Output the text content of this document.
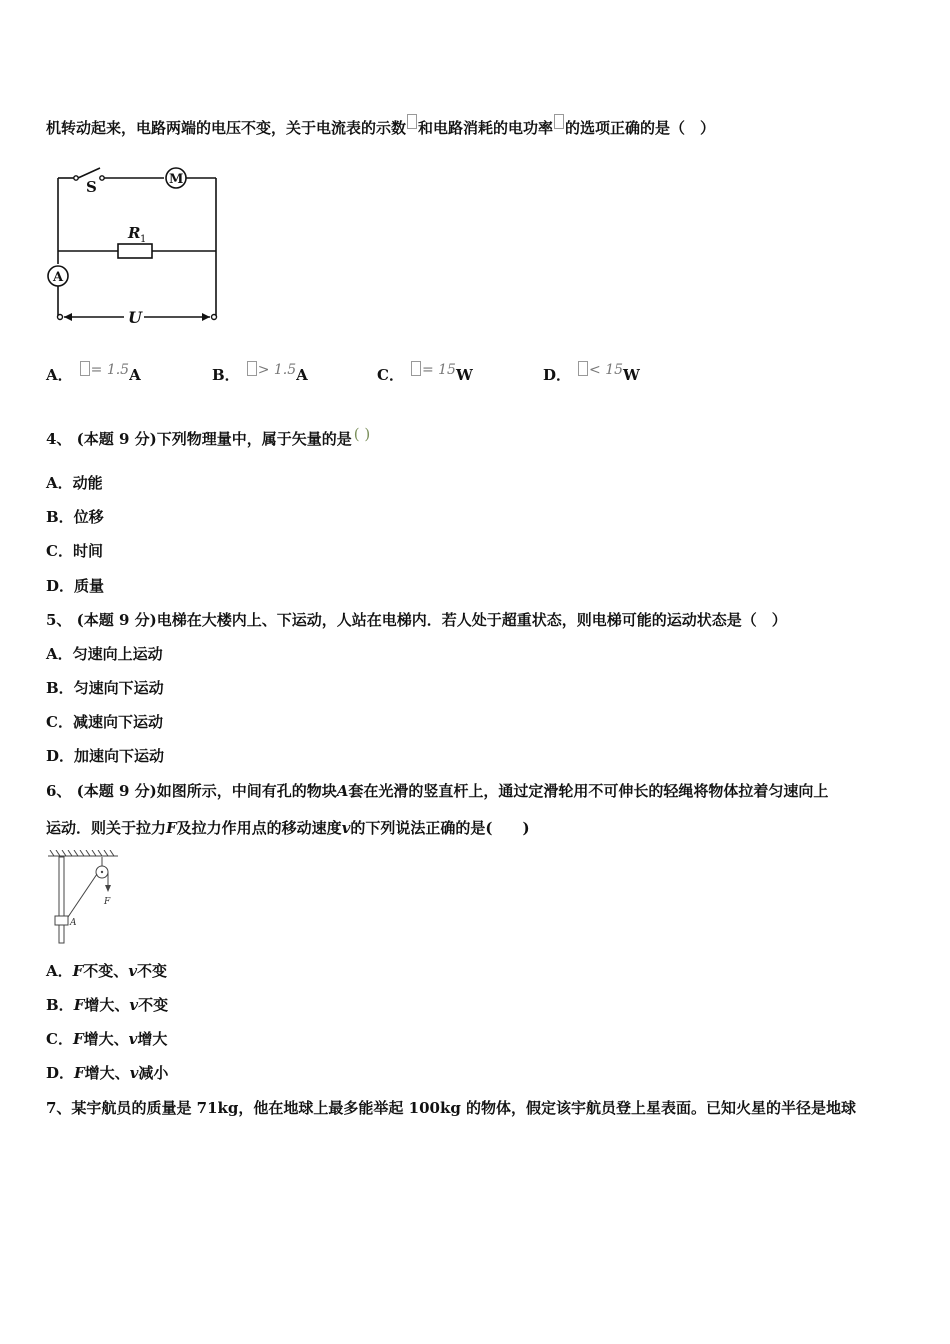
机转动起来，电路两端的电压不变，关于电流表的示数 和电路消耗的电功率 的选项正确的是（　）
S	M
R 1
A
U
A． = 1.5A	B． > 1.5A	C． = 15W	D． < 15W
4、 (本题 9 分)下列物理量中，属于矢量的是 ( )
A．动能
B．位移
C．时间
D．质量
5、 (本题 9 分)电梯在大楼内上、下运动，人站在电梯内．若人处于超重状态，则电梯可能的运动状态是（　）
A．匀速向上运动
B．匀速向下运动
C．减速向下运动
D．加速向下运动
6、 (本题 9 分)如图所示，中间有孔的物块A套在光滑的竖直杆上，通过定滑轮用不可伸长的轻绳将物体拉着匀速向上
运动．则关于拉力F及拉力作用点的移动速度v的下列说法正确的是(　　)
F
A
A．F不变、v不变
B．F增大、v不变
C．F增大、v增大
D．F增大、v减小
7、某宇航员的质量是 71kg，他在地球上最多能举起 100kg 的物体，假定该宇航员登上星表面。已知火星的半径是地球
